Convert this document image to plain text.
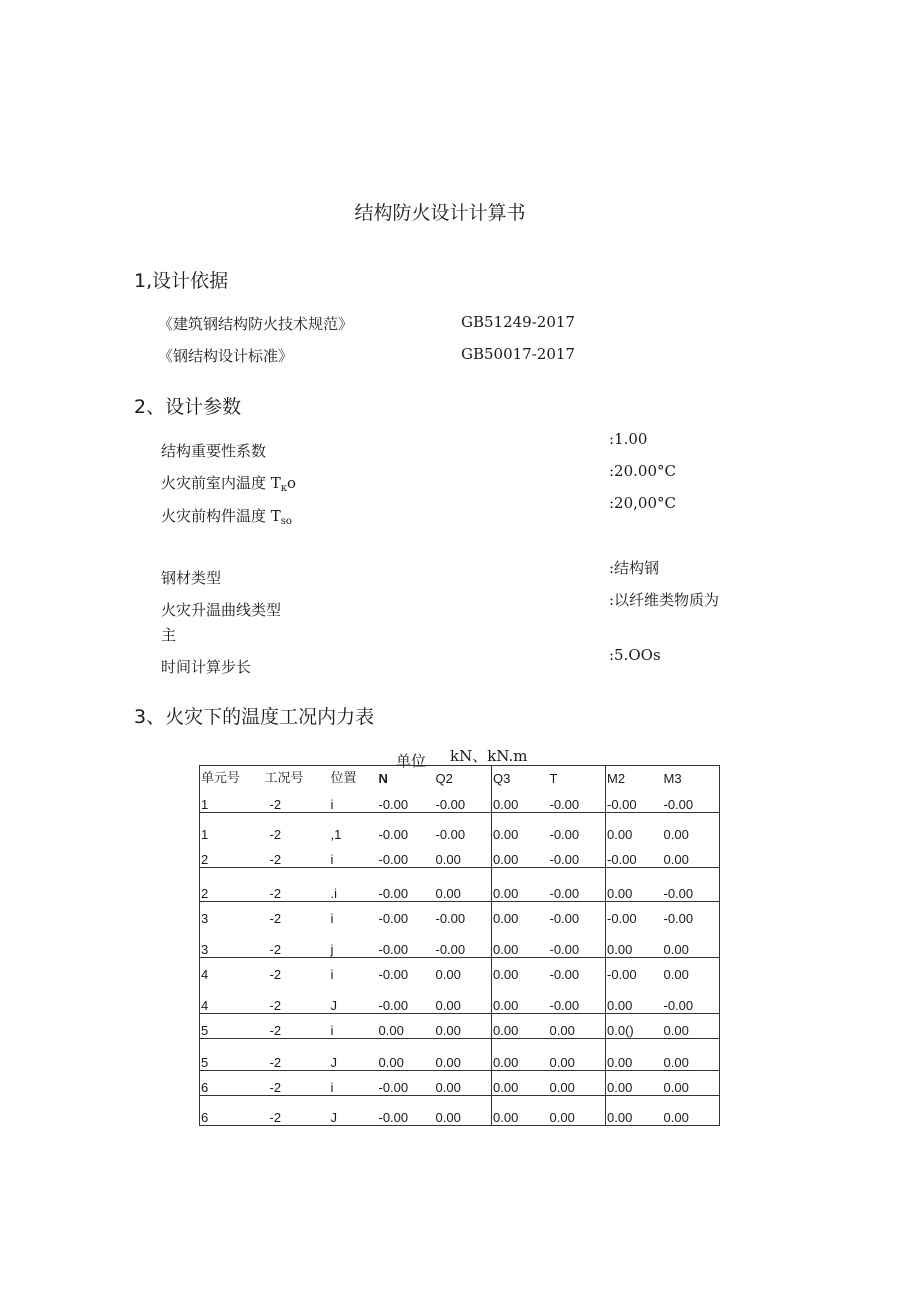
结构防火设计计算书
1,设计依据
《建筑钢结构防火技术规范》	GB51249-2017
《钢结构设计标准》	GB50017-2017
2、设计参数
结构重要性系数
:1.00
火灾前室内温度 $T_\kappa o$
:20.00°C
火灾前构件温度 $T_{so}$
:20,00°C
钢材类型
:结构钢
火灾升温曲线类型
主
:以纤维类物质为
时间计算步长
:5.OOs
3、火灾下的温度工况内力表
单位 kN、kN.m
单元号	工况号	位置	N	Q2	Q3	T	M2	M3
1	-2	i	-0.00	-0.00	0.00	-0.00	-0.00	-0.00
1	-2	,1	-0.00	-0.00	0.00	-0.00	0.00	0.00
2	-2	i	-0.00	0.00	0.00	-0.00	-0.00	0.00
2	-2	.i	-0.00	0.00	0.00	-0.00	0.00	-0.00
3	-2	i	-0.00	-0.00	0.00	-0.00	-0.00	-0.00
3	-2	j	-0.00	-0.00	0.00	-0.00	0.00	0.00
4	-2	i	-0.00	0.00	0.00	-0.00	-0.00	0.00
4	-2	J	-0.00	0.00	0.00	-0.00	0.00	-0.00
5	-2	i	0.00	0.00	0.00	0.00	0.0()	0.00
5	-2	J	0.00	0.00	0.00	0.00	0.00	0.00
6	-2	i	-0.00	0.00	0.00	0.00	0.00	0.00
6	-2	J	-0.00	0.00	0.00	0.00	0.00	0.00
